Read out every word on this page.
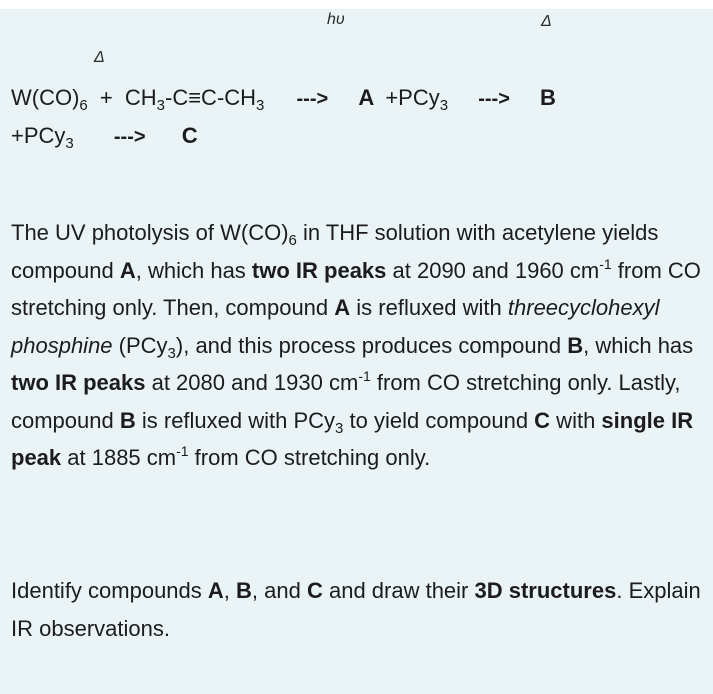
hυ	Δ
Δ
$W(CO)_6 + CH_3-C\equiv C-CH_3$ ---> A +PCy$_3$ ---> B
+PCy$_3$ ---> C
The UV photolysis of $W(CO)_6$ in THF solution with acetylene yields compound A, which has two IR peaks at 2090 and 1960 $cm^{-1}$ from CO stretching only. Then, compound A is refluxed with threecyclohexyl phosphine (PCy$_3$), and this process produces compound B, which has two IR peaks at 2080 and 1930 $cm^{-1}$ from CO stretching only. Lastly, compound B is refluxed with PCy$_3$ to yield compound C with single IR peak at 1885 $cm^{-1}$ from CO stretching only.
Identify compounds A, B, and C and draw their 3D structures. Explain IR observations.
